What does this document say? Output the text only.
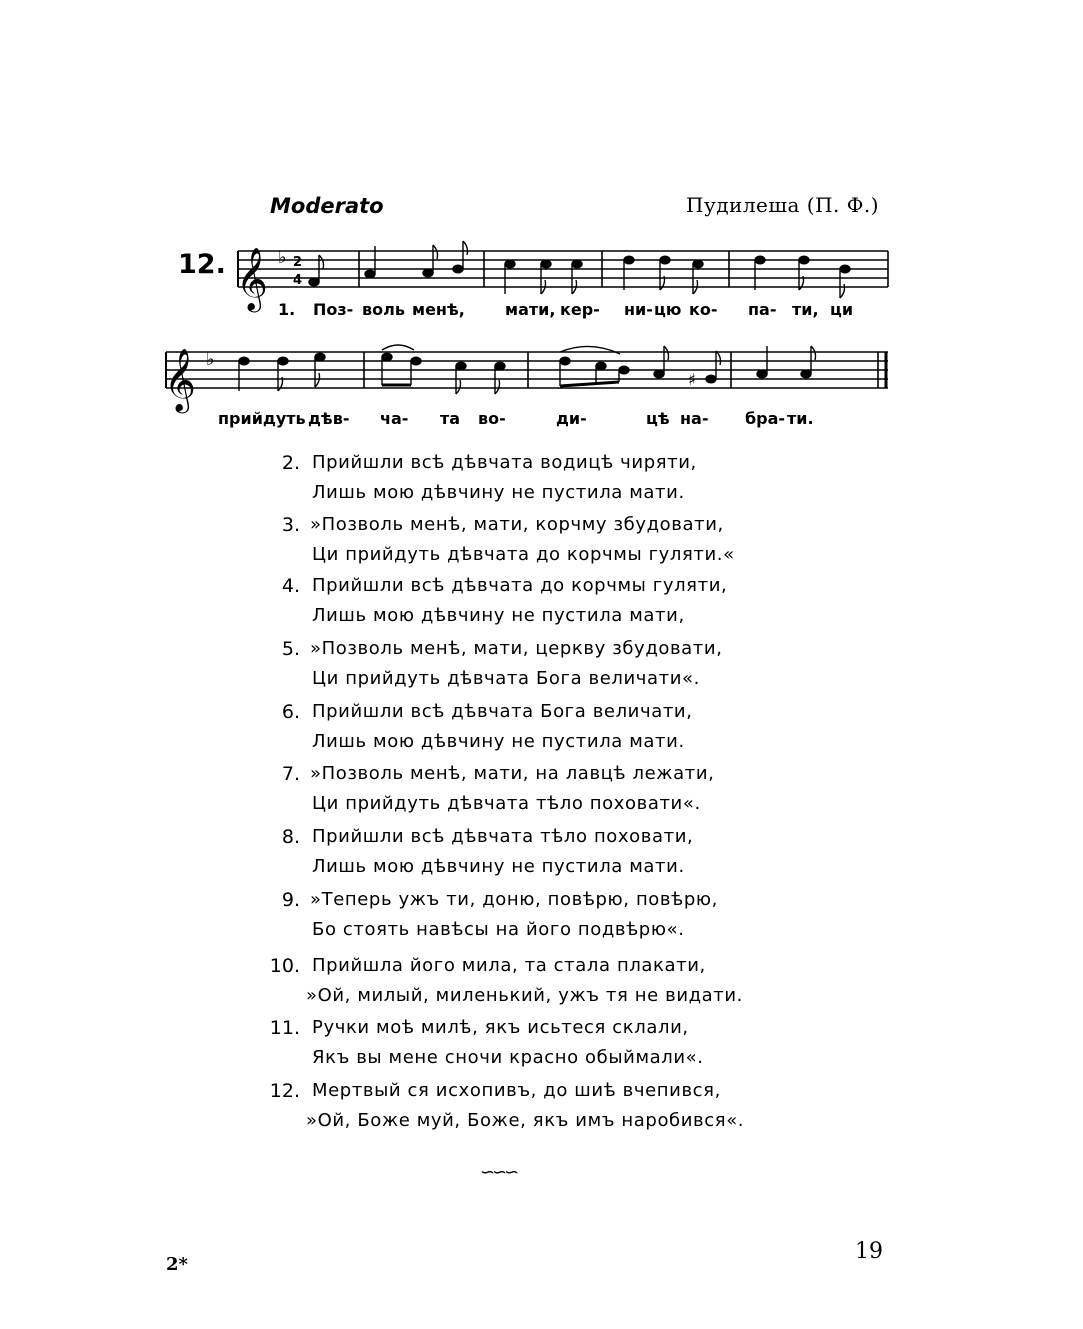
Moderato	Пудилеша (П. Ф.)
12. 𝄞 ♭ 2
4
𝄞 ♭
♯
1. Поз- воль менѣ,	мати, кер- ни- цю ко- па- ти, ци
прийдуть дѣв- ча- та во-	ди-	цѣ на- бра- ти.
2. Прийшли всѣ дѣвчата водицѣ чиряти,
Лишь мою дѣвчину не пустила мати.
3. »Позволь менѣ, мати, корчму збудовати,
Ци прийдуть дѣвчата до корчмы гуляти.«
4. Прийшли всѣ дѣвчата до корчмы гуляти,
Лишь мою дѣвчину не пустила мати,
5. »Позволь менѣ, мати, церкву збудовати,
Ци прийдуть дѣвчата Бога величати«.
6. Прийшли всѣ дѣвчата Бога величати,
Лишь мою дѣвчину не пустила мати.
7. »Позволь менѣ, мати, на лавцѣ лежати,
Ци прийдуть дѣвчата тѣло поховати«.
8. Прийшли всѣ дѣвчата тѣло поховати,
Лишь мою дѣвчину не пустила мати.
9. »Теперь ужъ ти, доню, повѣрю, повѣрю,
Бо стоять навѣсы на його подвѣрю«.
10. Прийшла його мила, та стала плакати,
»Ой, милый, миленький, ужъ тя не видати.
11. Ручки моѣ милѣ, якъ исьтеся склали,
Якъ вы мене сночи красно обыймали«.
12. Мертвый ся исхопивъ, до шиѣ вчепився,
»Ой, Боже муй, Боже, якъ имъ наробився«.
∽∽∽
2*
19
